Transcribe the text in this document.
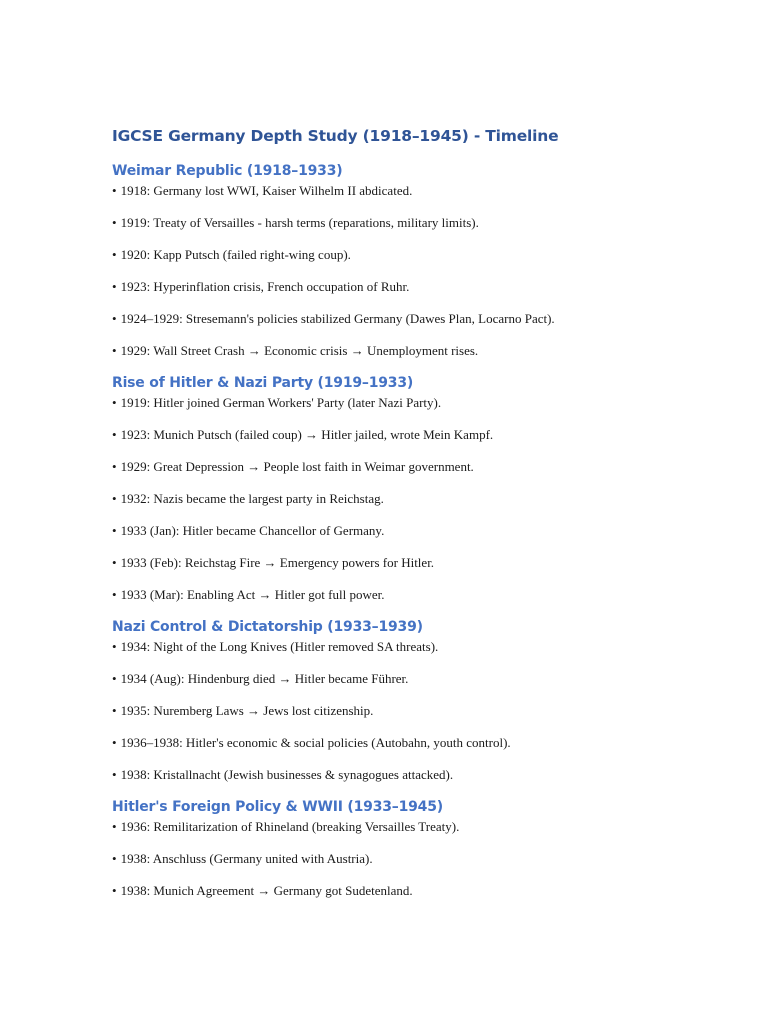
IGCSE Germany Depth Study (1918–1945) - Timeline
Weimar Republic (1918–1933)

• 1918: Germany lost WWI, Kaiser Wilhelm II abdicated.

• 1919: Treaty of Versailles - harsh terms (reparations, military limits).

• 1920: Kapp Putsch (failed right-wing coup).

• 1923: Hyperinflation crisis, French occupation of Ruhr.

• 1924–1929: Stresemann's policies stabilized Germany (Dawes Plan, Locarno Pact).

• 1929: Wall Street Crash → Economic crisis → Unemployment rises.

Rise of Hitler & Nazi Party (1919–1933)

• 1919: Hitler joined German Workers' Party (later Nazi Party).

• 1923: Munich Putsch (failed coup) → Hitler jailed, wrote Mein Kampf.

• 1929: Great Depression → People lost faith in Weimar government.

• 1932: Nazis became the largest party in Reichstag.

• 1933 (Jan): Hitler became Chancellor of Germany.

• 1933 (Feb): Reichstag Fire → Emergency powers for Hitler.

• 1933 (Mar): Enabling Act → Hitler got full power.

Nazi Control & Dictatorship (1933–1939)

• 1934: Night of the Long Knives (Hitler removed SA threats).

• 1934 (Aug): Hindenburg died → Hitler became Führer.

• 1935: Nuremberg Laws → Jews lost citizenship.

• 1936–1938: Hitler's economic & social policies (Autobahn, youth control).

• 1938: Kristallnacht (Jewish businesses & synagogues attacked).

Hitler's Foreign Policy & WWII (1933–1945)

• 1936: Remilitarization of Rhineland (breaking Versailles Treaty).

• 1938: Anschluss (Germany united with Austria).

• 1938: Munich Agreement → Germany got Sudetenland.
